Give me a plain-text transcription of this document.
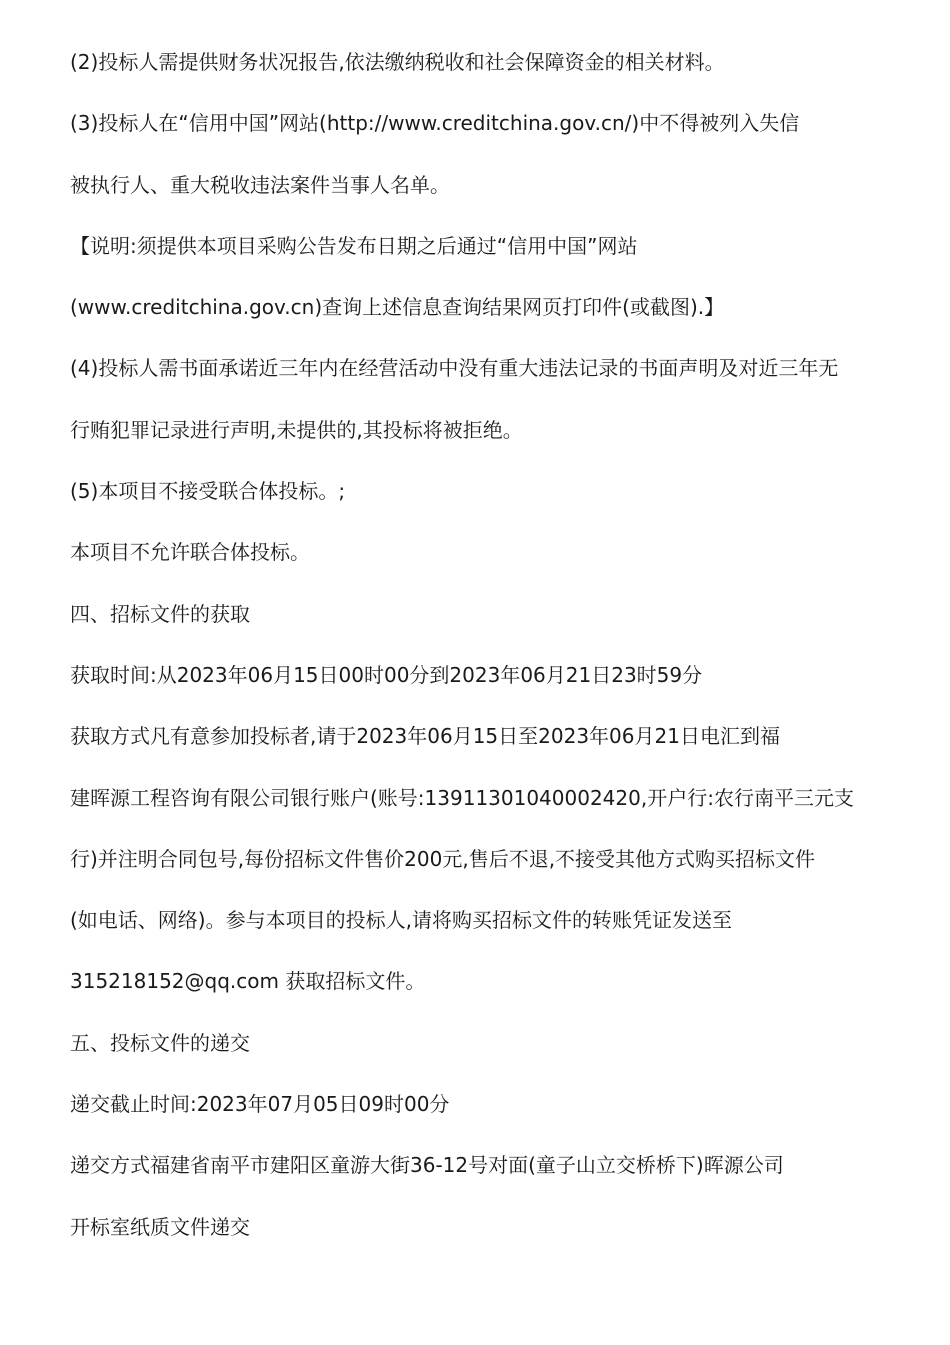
(2)投标人需提供财务状况报告,依法缴纳税收和社会保障资金的相关材料。
(3)投标人在“信用中国”网站(http://www.creditchina.gov.cn/)中不得被列入失信
被执行人、重大税收违法案件当事人名单。
【说明:须提供本项目采购公告发布日期之后通过“信用中国”网站
(www.creditchina.gov.cn)查询上述信息查询结果网页打印件(或截图).】
(4)投标人需书面承诺近三年内在经营活动中没有重大违法记录的书面声明及对近三年无
行贿犯罪记录进行声明,未提供的,其投标将被拒绝。
(5)本项目不接受联合体投标。;
本项目不允许联合体投标。
四、招标文件的获取
获取时间:从2023年06月15日00时00分到2023年06月21日23时59分
获取方式凡有意参加投标者,请于2023年06月15日至2023年06月21日电汇到福
建晖源工程咨询有限公司银行账户(账号:13911301040002420,开户行:农行南平三元支
行)并注明合同包号,每份招标文件售价200元,售后不退,不接受其他方式购买招标文件
(如电话、网络)。参与本项目的投标人,请将购买招标文件的转账凭证发送至
315218152@qq.com 获取招标文件。
五、投标文件的递交
递交截止时间:2023年07月05日09时00分
递交方式福建省南平市建阳区童游大街36-12号对面(童子山立交桥桥下)晖源公司
开标室纸质文件递交
